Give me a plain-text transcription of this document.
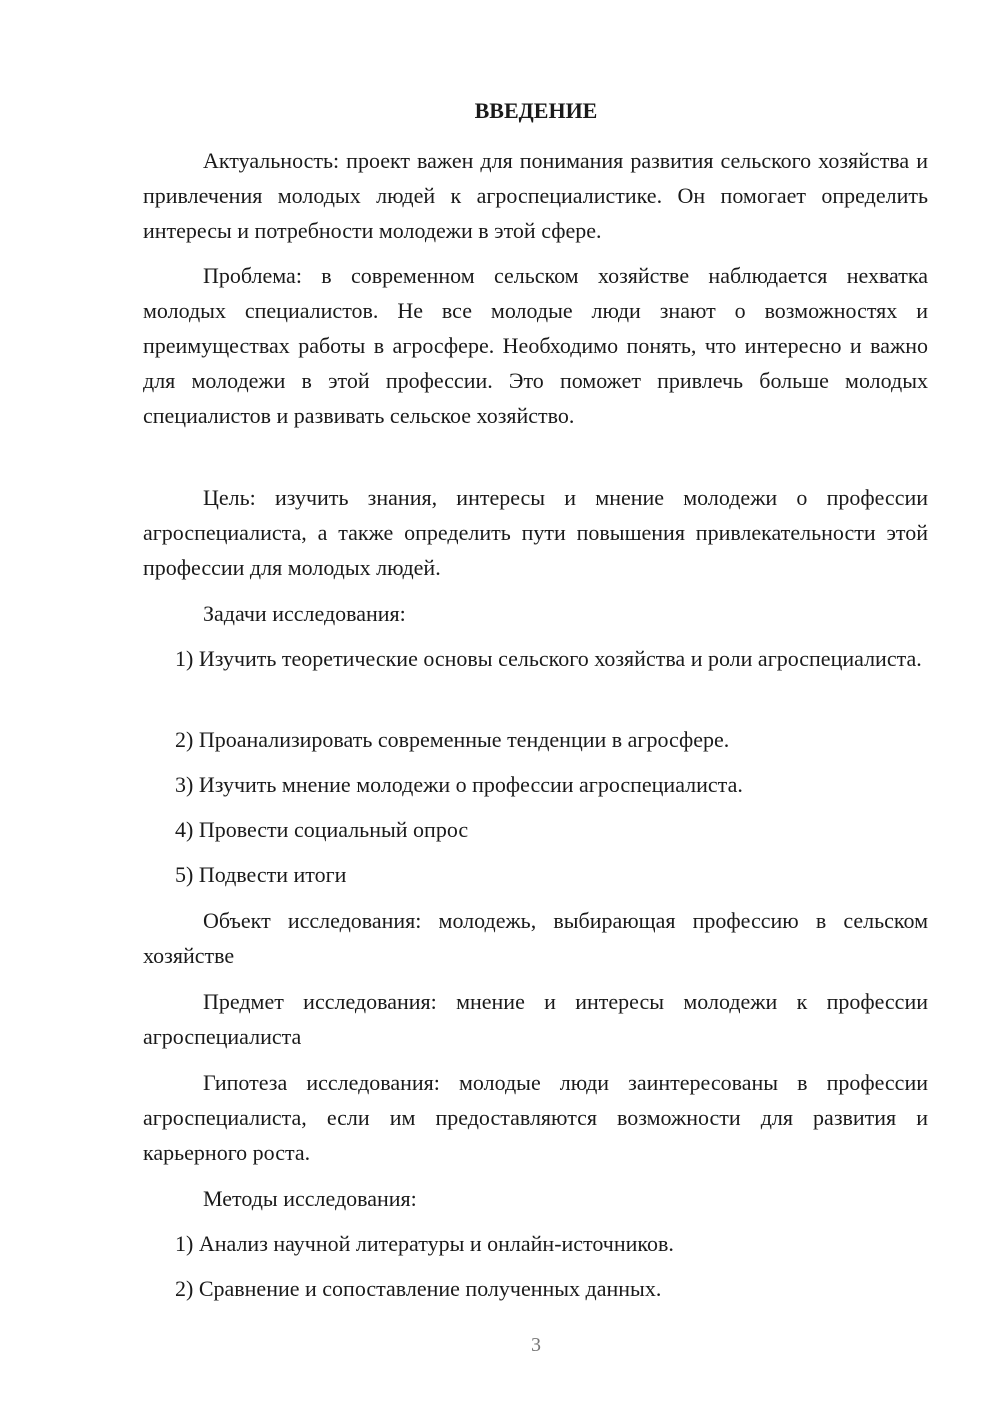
ВВЕДЕНИЕ

Актуальность: проект важен для понимания развития сельского хозяйства и привлечения молодых людей к агроспециалистике. Он помогает определить интересы и потребности молодежи в этой сфере.

Проблема: в современном сельском хозяйстве наблюдается нехватка молодых специалистов. Не все молодые люди знают о возможностях и преимуществах работы в агросфере. Необходимо понять, что интересно и важно для молодежи в этой профессии. Это поможет привлечь больше молодых специалистов и развивать сельское хозяйство.

Цель: изучить знания, интересы и мнение молодежи о профессии агроспециалиста, а также определить пути повышения привлекательности этой профессии для молодых людей.

Задачи исследования:

1) Изучить теоретические основы сельского хозяйства и роли агроспециалиста.

2) Проанализировать современные тенденции в агросфере.

3) Изучить мнение молодежи о профессии агроспециалиста.

4) Провести социальный опрос

5) Подвести итоги

Объект исследования: молодежь, выбирающая профессию в сельском хозяйстве

Предмет исследования: мнение и интересы молодежи к профессии агроспециалиста

Гипотеза исследования: молодые люди заинтересованы в профессии агроспециалиста, если им предоставляются возможности для развития и карьерного роста.

Методы исследования:

1) Анализ научной литературы и онлайн-источников.

2) Сравнение и сопоставление полученных данных.

3
